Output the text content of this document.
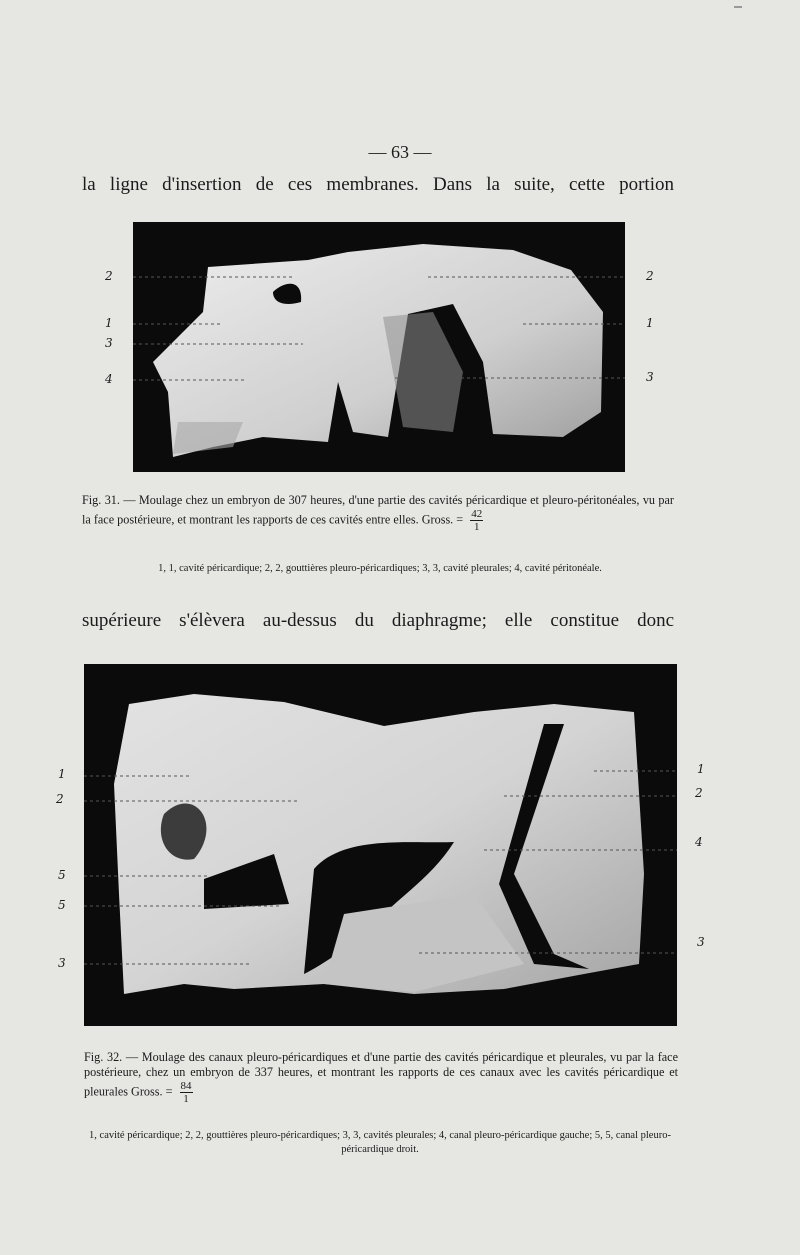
— 63 —
la ligne d'insertion de ces membranes. Dans la suite, cette portion
2
1
3
4
2
1
3
Fig. 31. — Moulage chez un embryon de 307 heures, d'une partie des cavités péricardique et pleuro-péritonéales, vu par la face postérieure, et montrant les rapports de ces cavités entre elles. Gross. = $\frac{42}{1}$
1, 1, cavité péricardique; 2, 2, gouttières pleuro-péricardiques; 3, 3, cavité pleurales; 4, cavité péritonéale.
supérieure s'élèvera au-dessus du diaphragme; elle constitue donc
1
2
5
5
3
1
2
4
3
Fig. 32. — Moulage des canaux pleuro-péricardiques et d'une partie des cavités péricardique et pleurales, vu par la face postérieure, chez un embryon de 337 heures, et montrant les rapports de ces canaux avec les cavités péricardique et pleurales Gross. = $\frac{84}{1}$
1, cavité péricardique; 2, 2, gouttières pleuro-péricardiques; 3, 3, cavités pleurales; 4, canal pleuro-péricardique gauche; 5, 5, canal pleuro-péricardique droit.
